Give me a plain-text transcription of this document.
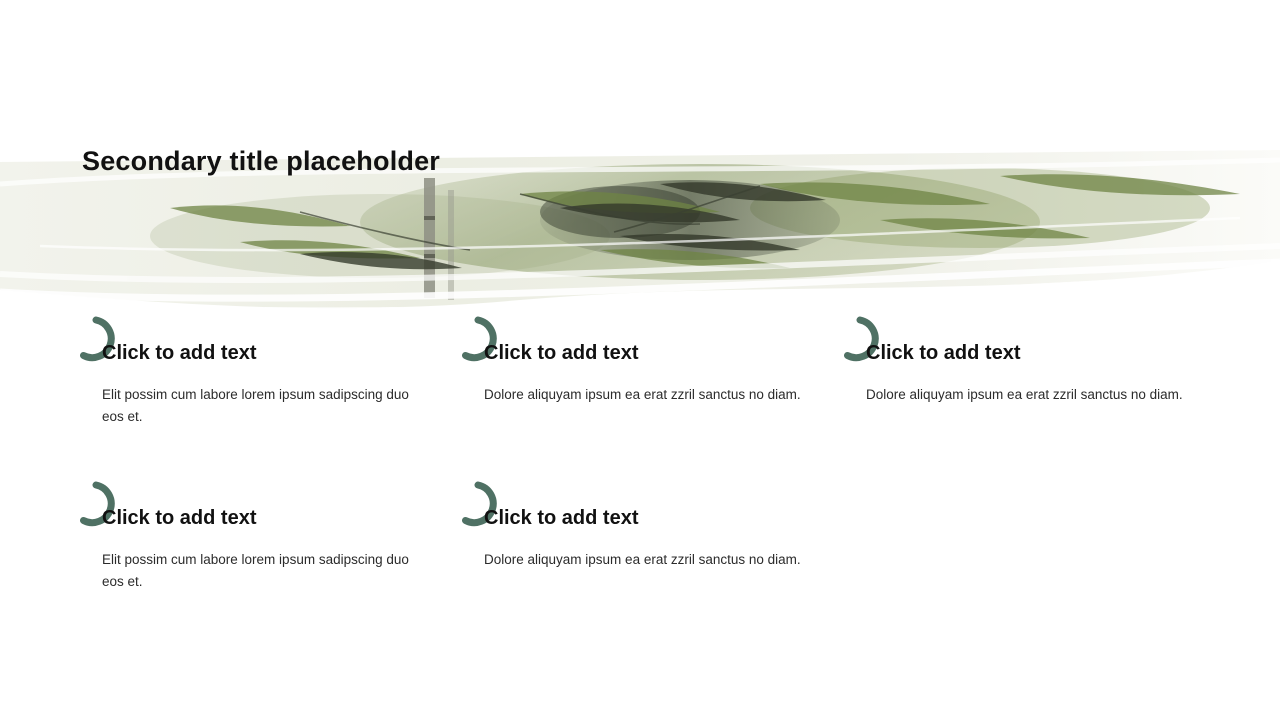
Secondary title placeholder
Click to add text

Elit possim cum labore lorem ipsum sadipscing duo eos et.

Click to add text

Dolore aliquyam ipsum ea erat zzril sanctus no diam.

Click to add text

Dolore aliquyam ipsum ea erat zzril sanctus no diam.

Click to add text

Elit possim cum labore lorem ipsum sadipscing duo eos et.

Click to add text

Dolore aliquyam ipsum ea erat zzril sanctus no diam.
